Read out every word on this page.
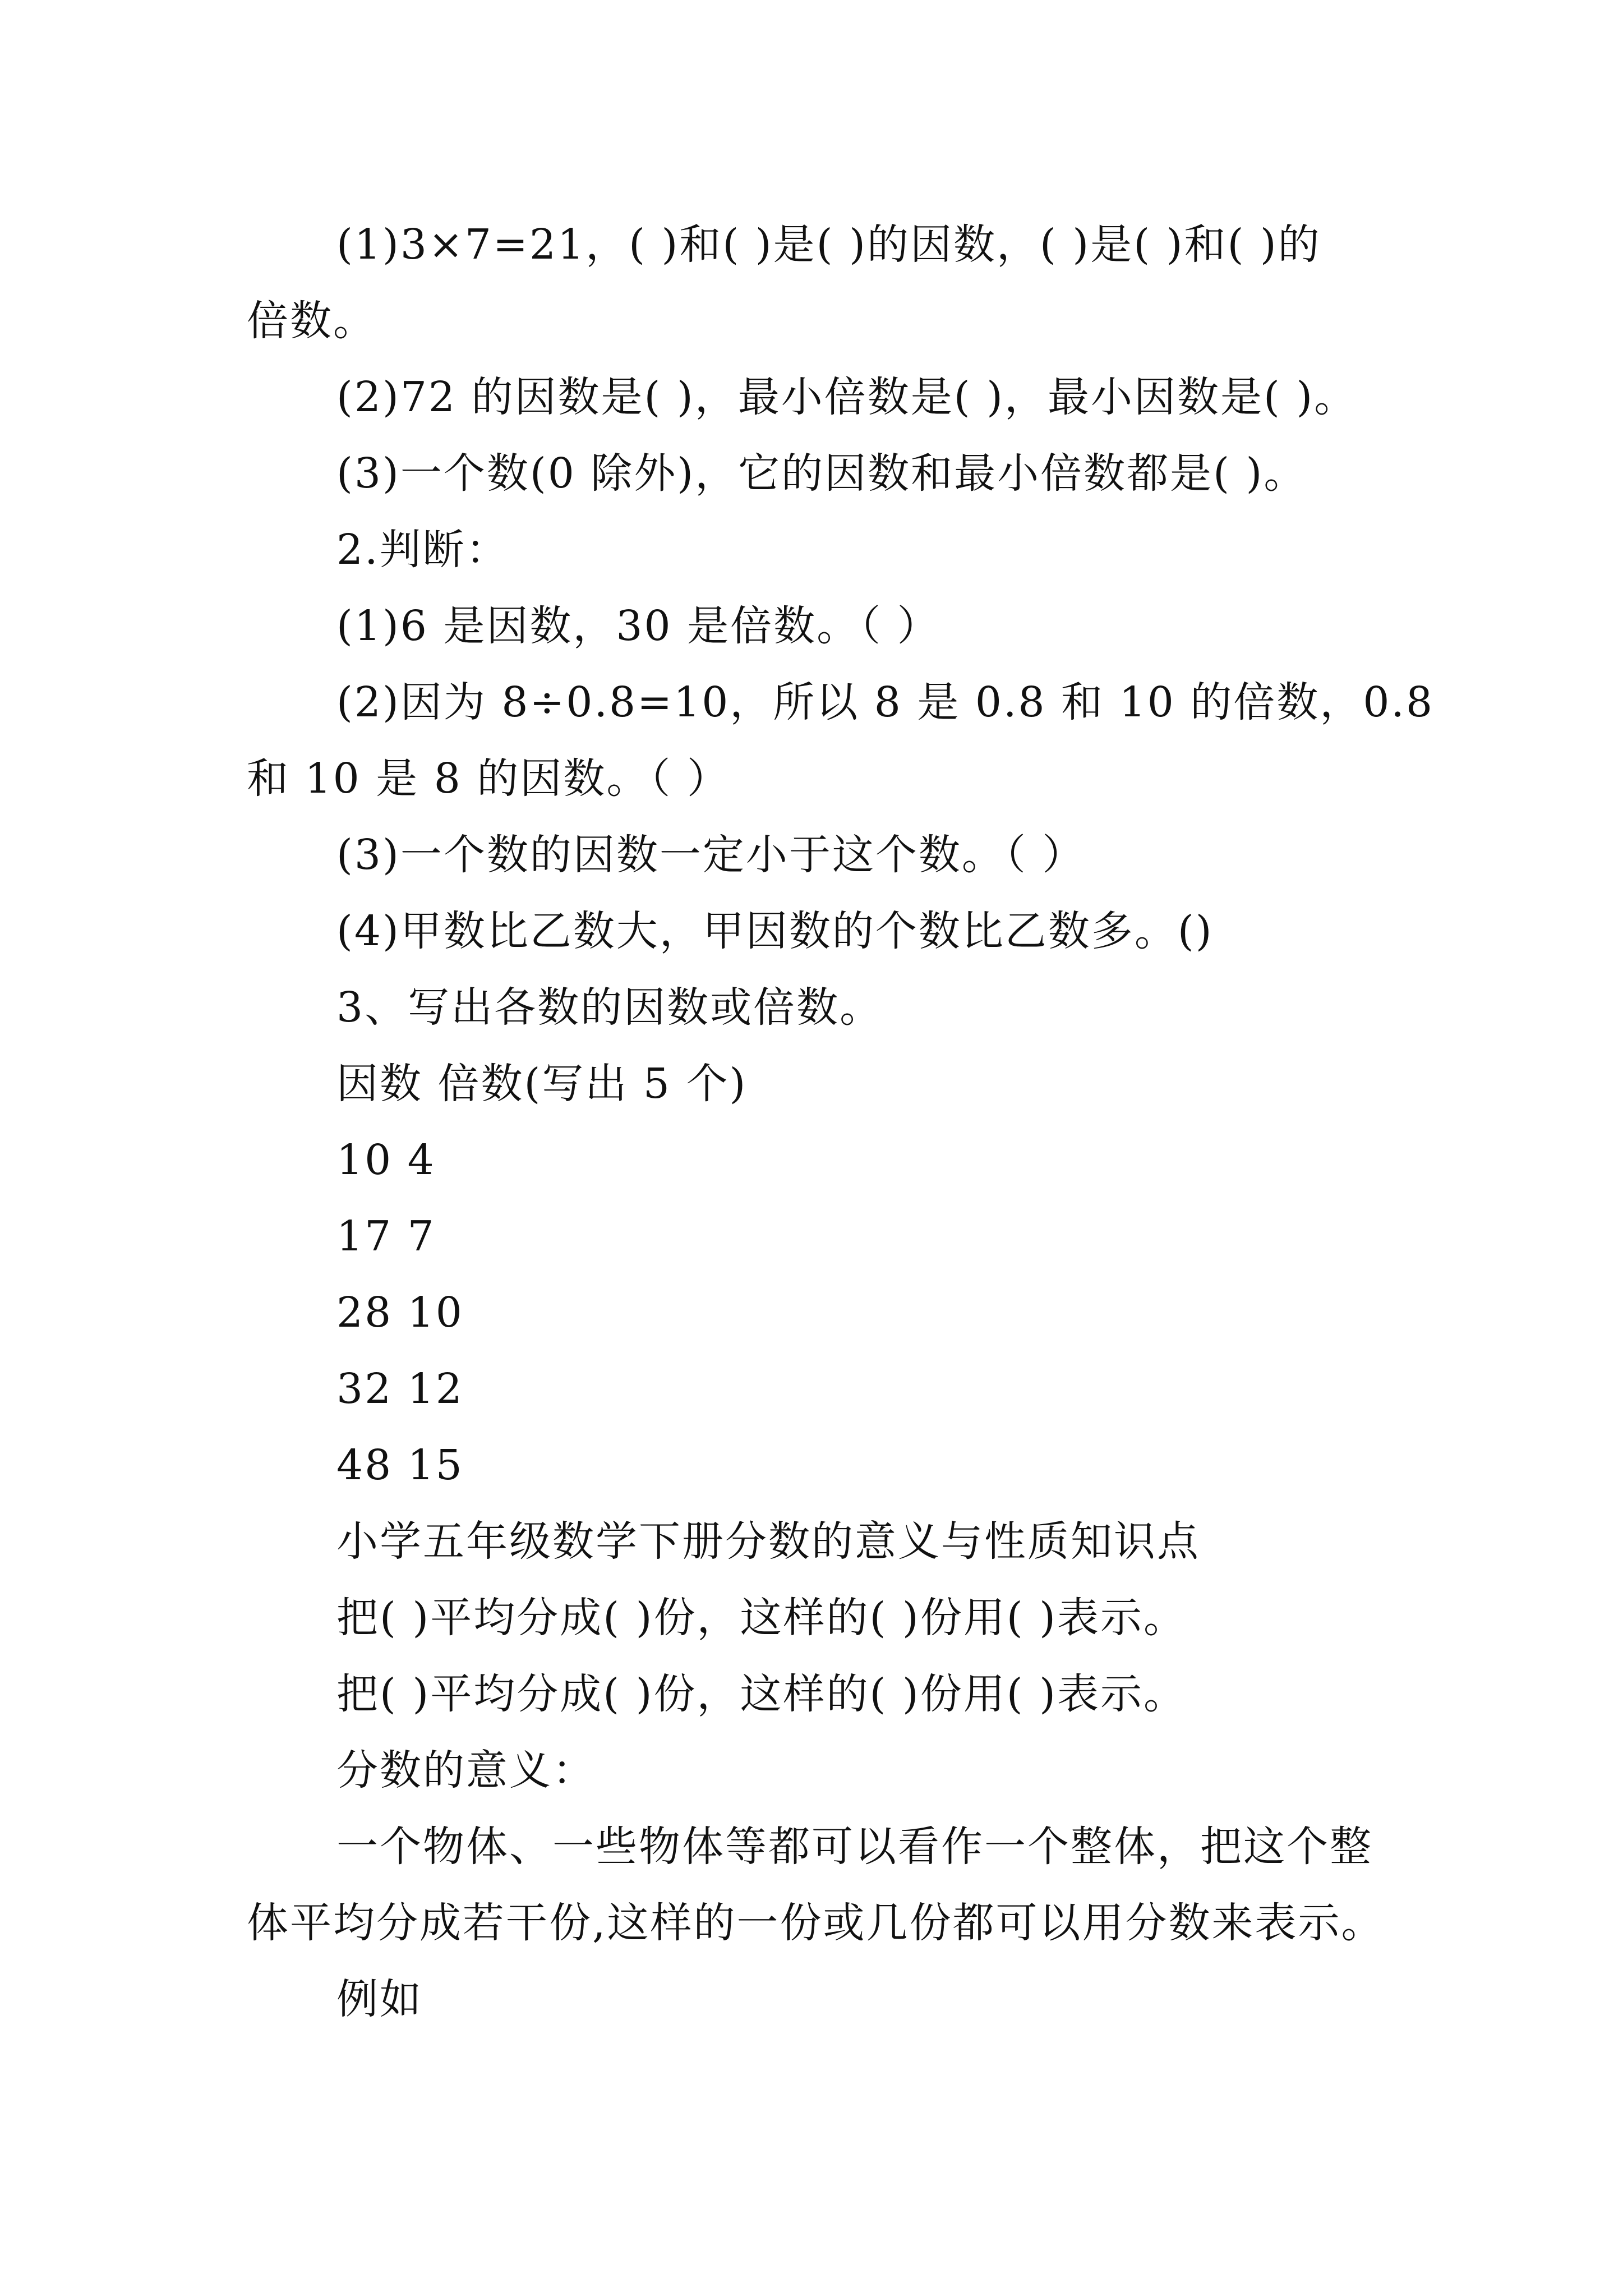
(1)3×7=21，( )和( )是( )的因数，( )是( )和( )的
倍数。
(2)72 的因数是( )，最小倍数是( )，最小因数是( )。
(3)一个数(0 除外)，它的因数和最小倍数都是( )。
2.判断：
(1)6 是因数，30 是倍数。（ ）
(2)因为 8÷0.8=10，所以 8 是 0.8 和 10 的倍数，0.8
和 10 是 8 的因数。（ ）
(3)一个数的因数一定小于这个数。（ ）
(4)甲数比乙数大，甲因数的个数比乙数多。()
3、写出各数的因数或倍数。
因数 倍数(写出 5 个)
10 4
17 7
28 10
32 12
48 15
小学五年级数学下册分数的意义与性质知识点
把( )平均分成( )份，这样的( )份用( )表示。
把( )平均分成( )份，这样的( )份用( )表示。
分数的意义：
一个物体、一些物体等都可以看作一个整体，把这个整
体平均分成若干份,这样的一份或几份都可以用分数来表示。
例如
